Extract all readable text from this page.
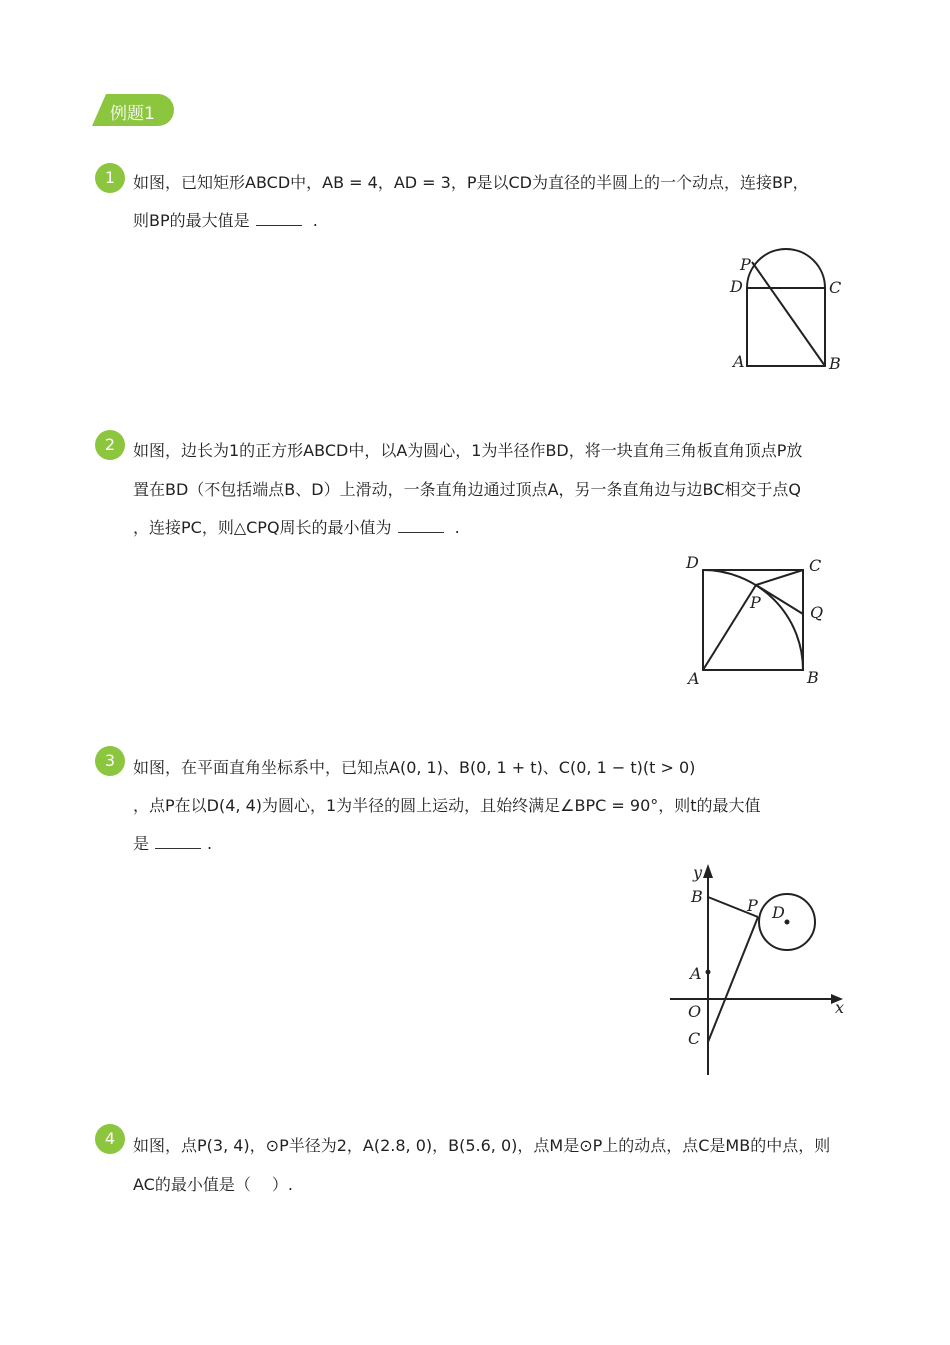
例题1
1	如图，已知矩形ABCD中，AB = 4，AD = 3，P是以CD为直径的半圆上的一个动点，连接BP，
则BP的最大值是	.
P
D	C
A	B
2	如图，边长为1的正方形ABCD中，以A为圆心，1为半径作BD，将一块直角三角板直角顶点P放
置在BD（不包括端点B、D）上滑动，一条直角边通过顶点A，另一条直角边与边BC相交于点Q
，连接PC，则△CPQ周长的最小值为	.
D	C
P
Q
A	B
3	如图，在平面直角坐标系中，已知点A(0, 1)、B(0, 1 + t)、C(0, 1 − t)(t > 0)
，点P在以D(4, 4)为圆心，1为半径的圆上运动，且始终满足∠BPC = 90°，则t的最大值
是	.
y
B	P D
A
O	x
C
4	如图，点P(3, 4)，⊙P半径为2，A(2.8, 0)，B(5.6, 0)，点M是⊙P上的动点，点C是MB的中点，则
AC的最小值是（　 ）.
